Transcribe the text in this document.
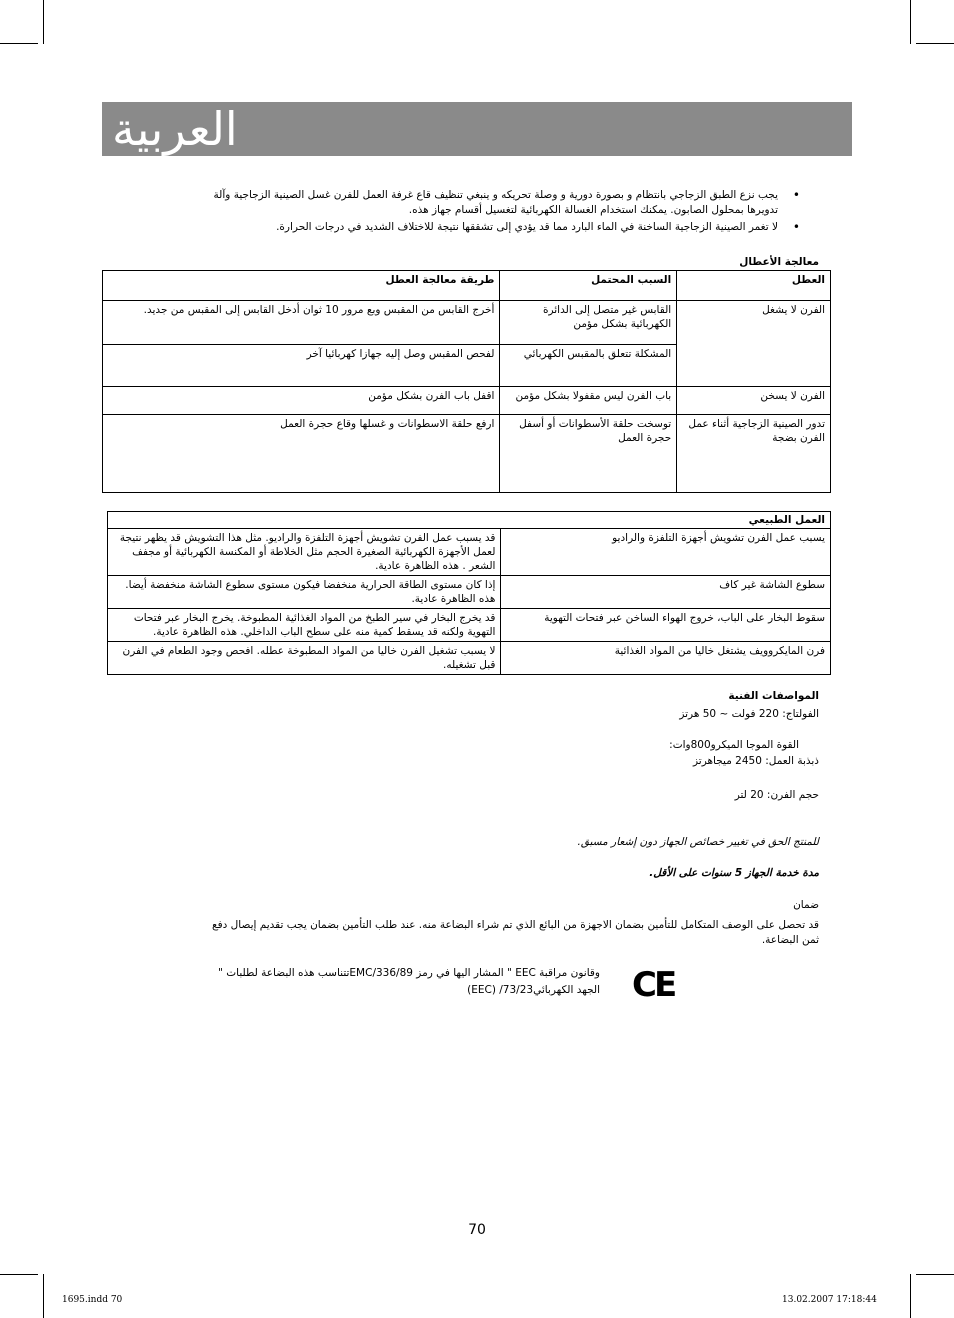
العربية
يجب نزع الطبق الزجاجي بانتظام و بصورة دورية و وصلة تحريكه و ينبغي تنظيف قاع غرفة العمل للفرن غسل الصينية الزجاجية وآلة تدويرها بمحلول الصابون. يمكنك استخدام الغسالة الكهربائية لتغسيل أقسام جهاز هذه. •
لا تغمر الصينية الزجاجية الساخنة في الماء البارد مما قد يؤدي إلى تشققها نتيجة للاختلاف الشديد في درجات الحرارة. •
معالجة الأعطال
العطل	السبب المحتمل	طريقة معالجة العطل
الفرن لا يشغل	القابس غير متصل إلى الدائرة الكهربائية بشكل مؤمن	أخرج القابس من المقبس وبع مرور 10 ثوان أدخل القابس إلى المقبس من جديد.
	المشكلة تتعلق بالمقبس الكهربائي	لفحص المقبس وصل إليه جهازا كهربائيا آخر
الفرن لا يسخن	باب الفرن ليس مقفولا بشكل مؤمن	اقفل باب الفرن بشكل مؤمن
تدور الصينية الزجاجية أثناء عمل الفرن بضجة	توسخت حلقة الأسطوانات أو أسفل حجرة العمل	ارفع حلقة الاسطوانات و غسلها وقاع حجرة العمل
العمل الطبيعي	
يسبب عمل الفرن تشويش أجهزة التلفزة والراديو	قد يسبب عمل الفرن تشويش أجهزة التلفزة والراديو. مثل هذا التشويش قد يظهر نتيجة لعمل الأجهزة الكهربائية الصغيرة الحجم مثل الخلاطة أو المكنسة الكهربائية أو مجفف الشعر . هذه الظاهرة عادية.
سطوع الشاشة غير كاف	إذا كان مستوى الطاقة الحرارية منخفضا فيكون مستوى سطوع الشاشة منخفضة أيضا. هذه الظاهرة عادية.
سقوط البخار على الباب، خروج الهواء الساخن عبر فتحات التهوية	قد يخرج البخار في سير الطبخ من المواد الغذائية المطبوخة. يخرج البخار عبر فتحات التهوية ولكنه قد يسقط كمية منه على سطح الباب الداخلي. هذه الظاهرة عادية.
فرن المايكروويف يشتغل خاليا من المواد الغذائية	لا يسبب تشغيل الفرن خاليا من المواد المطبوخة عطله. افحص وجود الطعام في الفرن قبل تشغيله.
المواصفات الفنية
الفولتاج: 220 فولت ~ 50 هرتز
القوة الموجا الميكرو800وات:
ذبذبة العمل: 2450 ميجاهرتز
حجم الفرن: 20 لتر
للمنتج الحق في تغيير خصائص الجهاز دون إشعار مسبق.
مدة خدمة الجهاز 5 سنوات على الأقل.
ضمان
قد تحصل على الوصف المتكامل للتأمين بضمان الاجهزة من البائع الذي تم شراء البضاعة منه. عند طلب التأمين بضمان يجب تقديم إيصال دفع ثمن البضاعة.
CE
وقانون مراقبة EEC " المشار اليها في رمز EMC/336/89تتناسب هذه البضاعة لطلبات "
الجهد الكهربائي73/23/ (EEC)
70
1695.indd 70	13.02.2007 17:18:44
